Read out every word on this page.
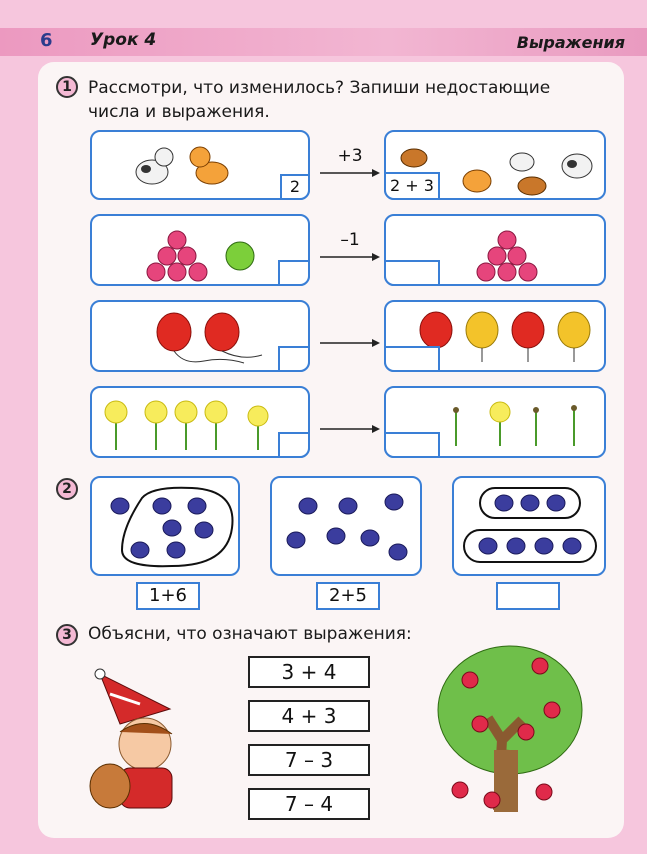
6 Урок 4	Выражения
1 Рассмотри, что изменилось? Запиши недостающие
числа и выражения.
2
+3
2 + 3
–1
2
1+6	2+5
3 Объясни, что означают выражения:
3 + 4
4 + 3
7 – 3
7 – 4
